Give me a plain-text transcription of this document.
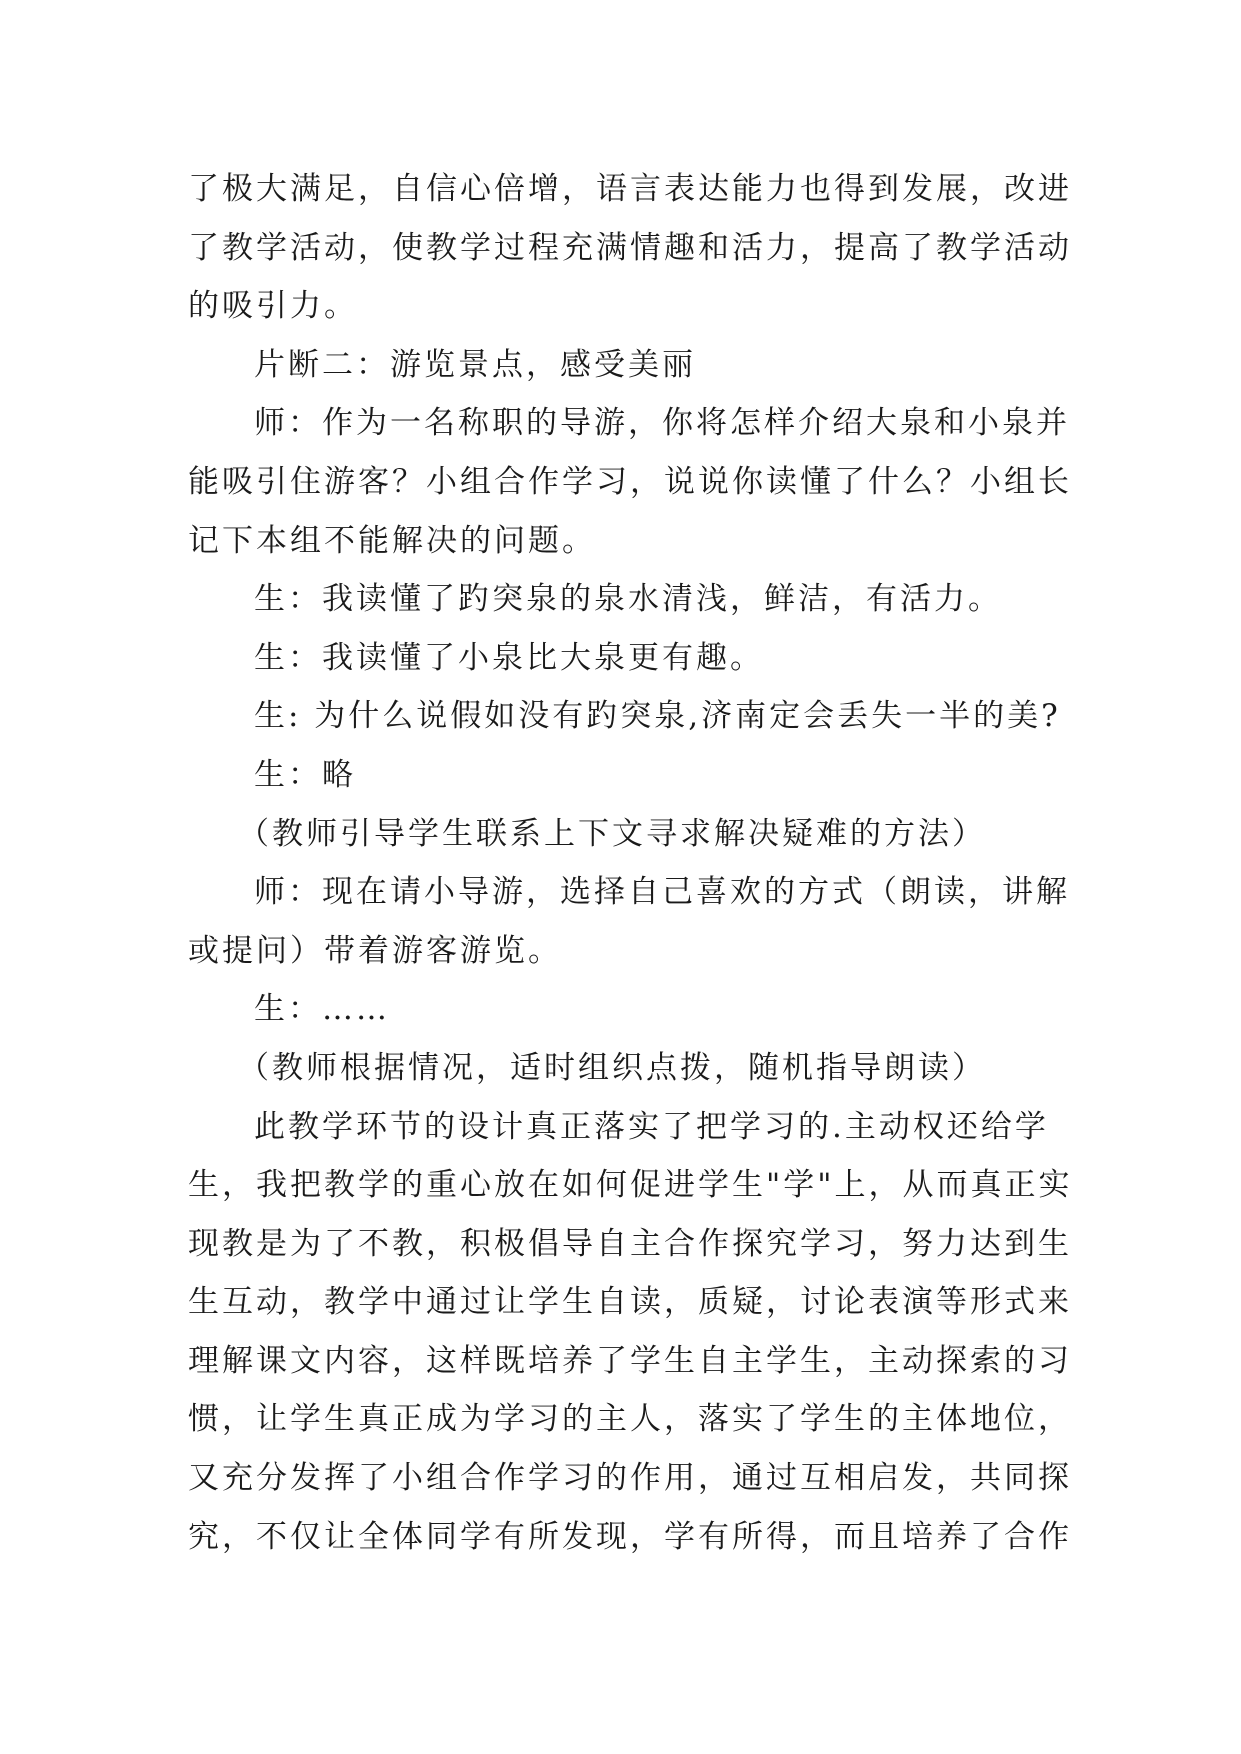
了极大满足，自信心倍增，语言表达能力也得到发展，改进
了教学活动，使教学过程充满情趣和活力，提高了教学活动
的吸引力。
片断二：游览景点，感受美丽
师：作为一名称职的导游，你将怎样介绍大泉和小泉并
能吸引住游客？小组合作学习，说说你读懂了什么？小组长
记下本组不能解决的问题。
生：我读懂了趵突泉的泉水清浅，鲜洁，有活力。
生：我读懂了小泉比大泉更有趣。
生: 为什么说假如没有趵突泉,济南定会丢失一半的美?
生：略
（教师引导学生联系上下文寻求解决疑难的方法）
师：现在请小导游，选择自己喜欢的方式（朗读，讲解
或提问）带着游客游览。
生：……
（教师根据情况，适时组织点拨，随机指导朗读）
此教学环节的设计真正落实了把学习的.主动权还给学
生，我把教学的重心放在如何促进学生"学"上，从而真正实
现教是为了不教，积极倡导自主合作探究学习，努力达到生
生互动，教学中通过让学生自读，质疑，讨论表演等形式来
理解课文内容，这样既培养了学生自主学生，主动探索的习
惯，让学生真正成为学习的主人，落实了学生的主体地位，
又充分发挥了小组合作学习的作用，通过互相启发，共同探
究，不仅让全体同学有所发现，学有所得，而且培养了合作
